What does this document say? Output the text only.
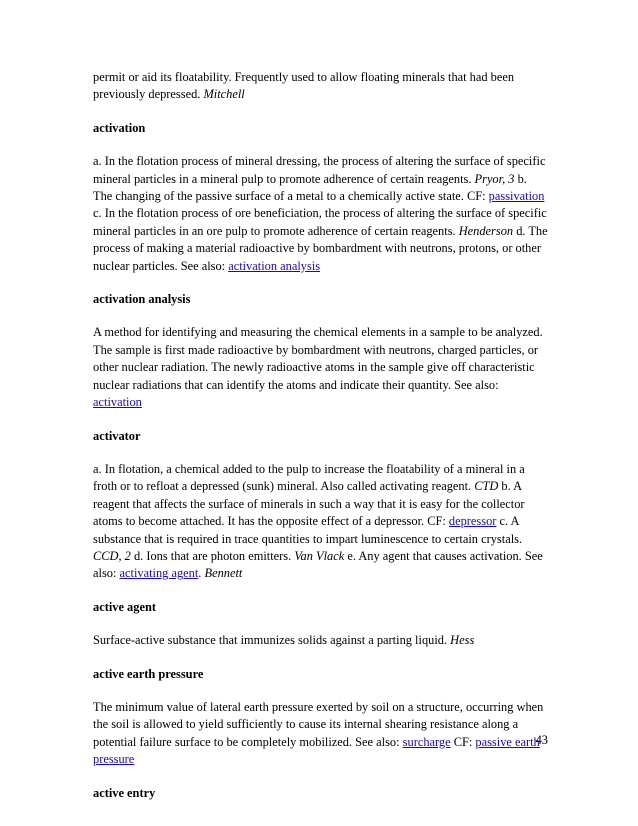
permit or aid its floatability. Frequently used to allow floating minerals that had been previously depressed. Mitchell

activation

a. In the flotation process of mineral dressing, the process of altering the surface of specific mineral particles in a mineral pulp to promote adherence of certain reagents. Pryor, 3 b. The changing of the passive surface of a metal to a chemically active state. CF: passivation c. In the flotation process of ore beneficiation, the process of altering the surface of specific mineral particles in an ore pulp to promote adherence of certain reagents. Henderson d. The process of making a material radioactive by bombardment with neutrons, protons, or other nuclear particles. See also: activation analysis

activation analysis

A method for identifying and measuring the chemical elements in a sample to be analyzed. The sample is first made radioactive by bombardment with neutrons, charged particles, or other nuclear radiation. The newly radioactive atoms in the sample give off characteristic nuclear radiations that can identify the atoms and indicate their quantity. See also: activation

activator

a. In flotation, a chemical added to the pulp to increase the floatability of a mineral in a froth or to refloat a depressed (sunk) mineral. Also called activating reagent. CTD b. A reagent that affects the surface of minerals in such a way that it is easy for the collector atoms to become attached. It has the opposite effect of a depressor. CF: depressor c. A substance that is required in trace quantities to impart luminescence to certain crystals. CCD, 2 d. Ions that are photon emitters. Van Vlack e. Any agent that causes activation. See also: activating agent. Bennett

active agent

Surface-active substance that immunizes solids against a parting liquid. Hess

active earth pressure

The minimum value of lateral earth pressure exerted by soil on a structure, occurring when the soil is allowed to yield sufficiently to cause its internal shearing resistance along a potential failure surface to be completely mobilized. See also: surcharge CF: passive earth pressure

active entry

43
